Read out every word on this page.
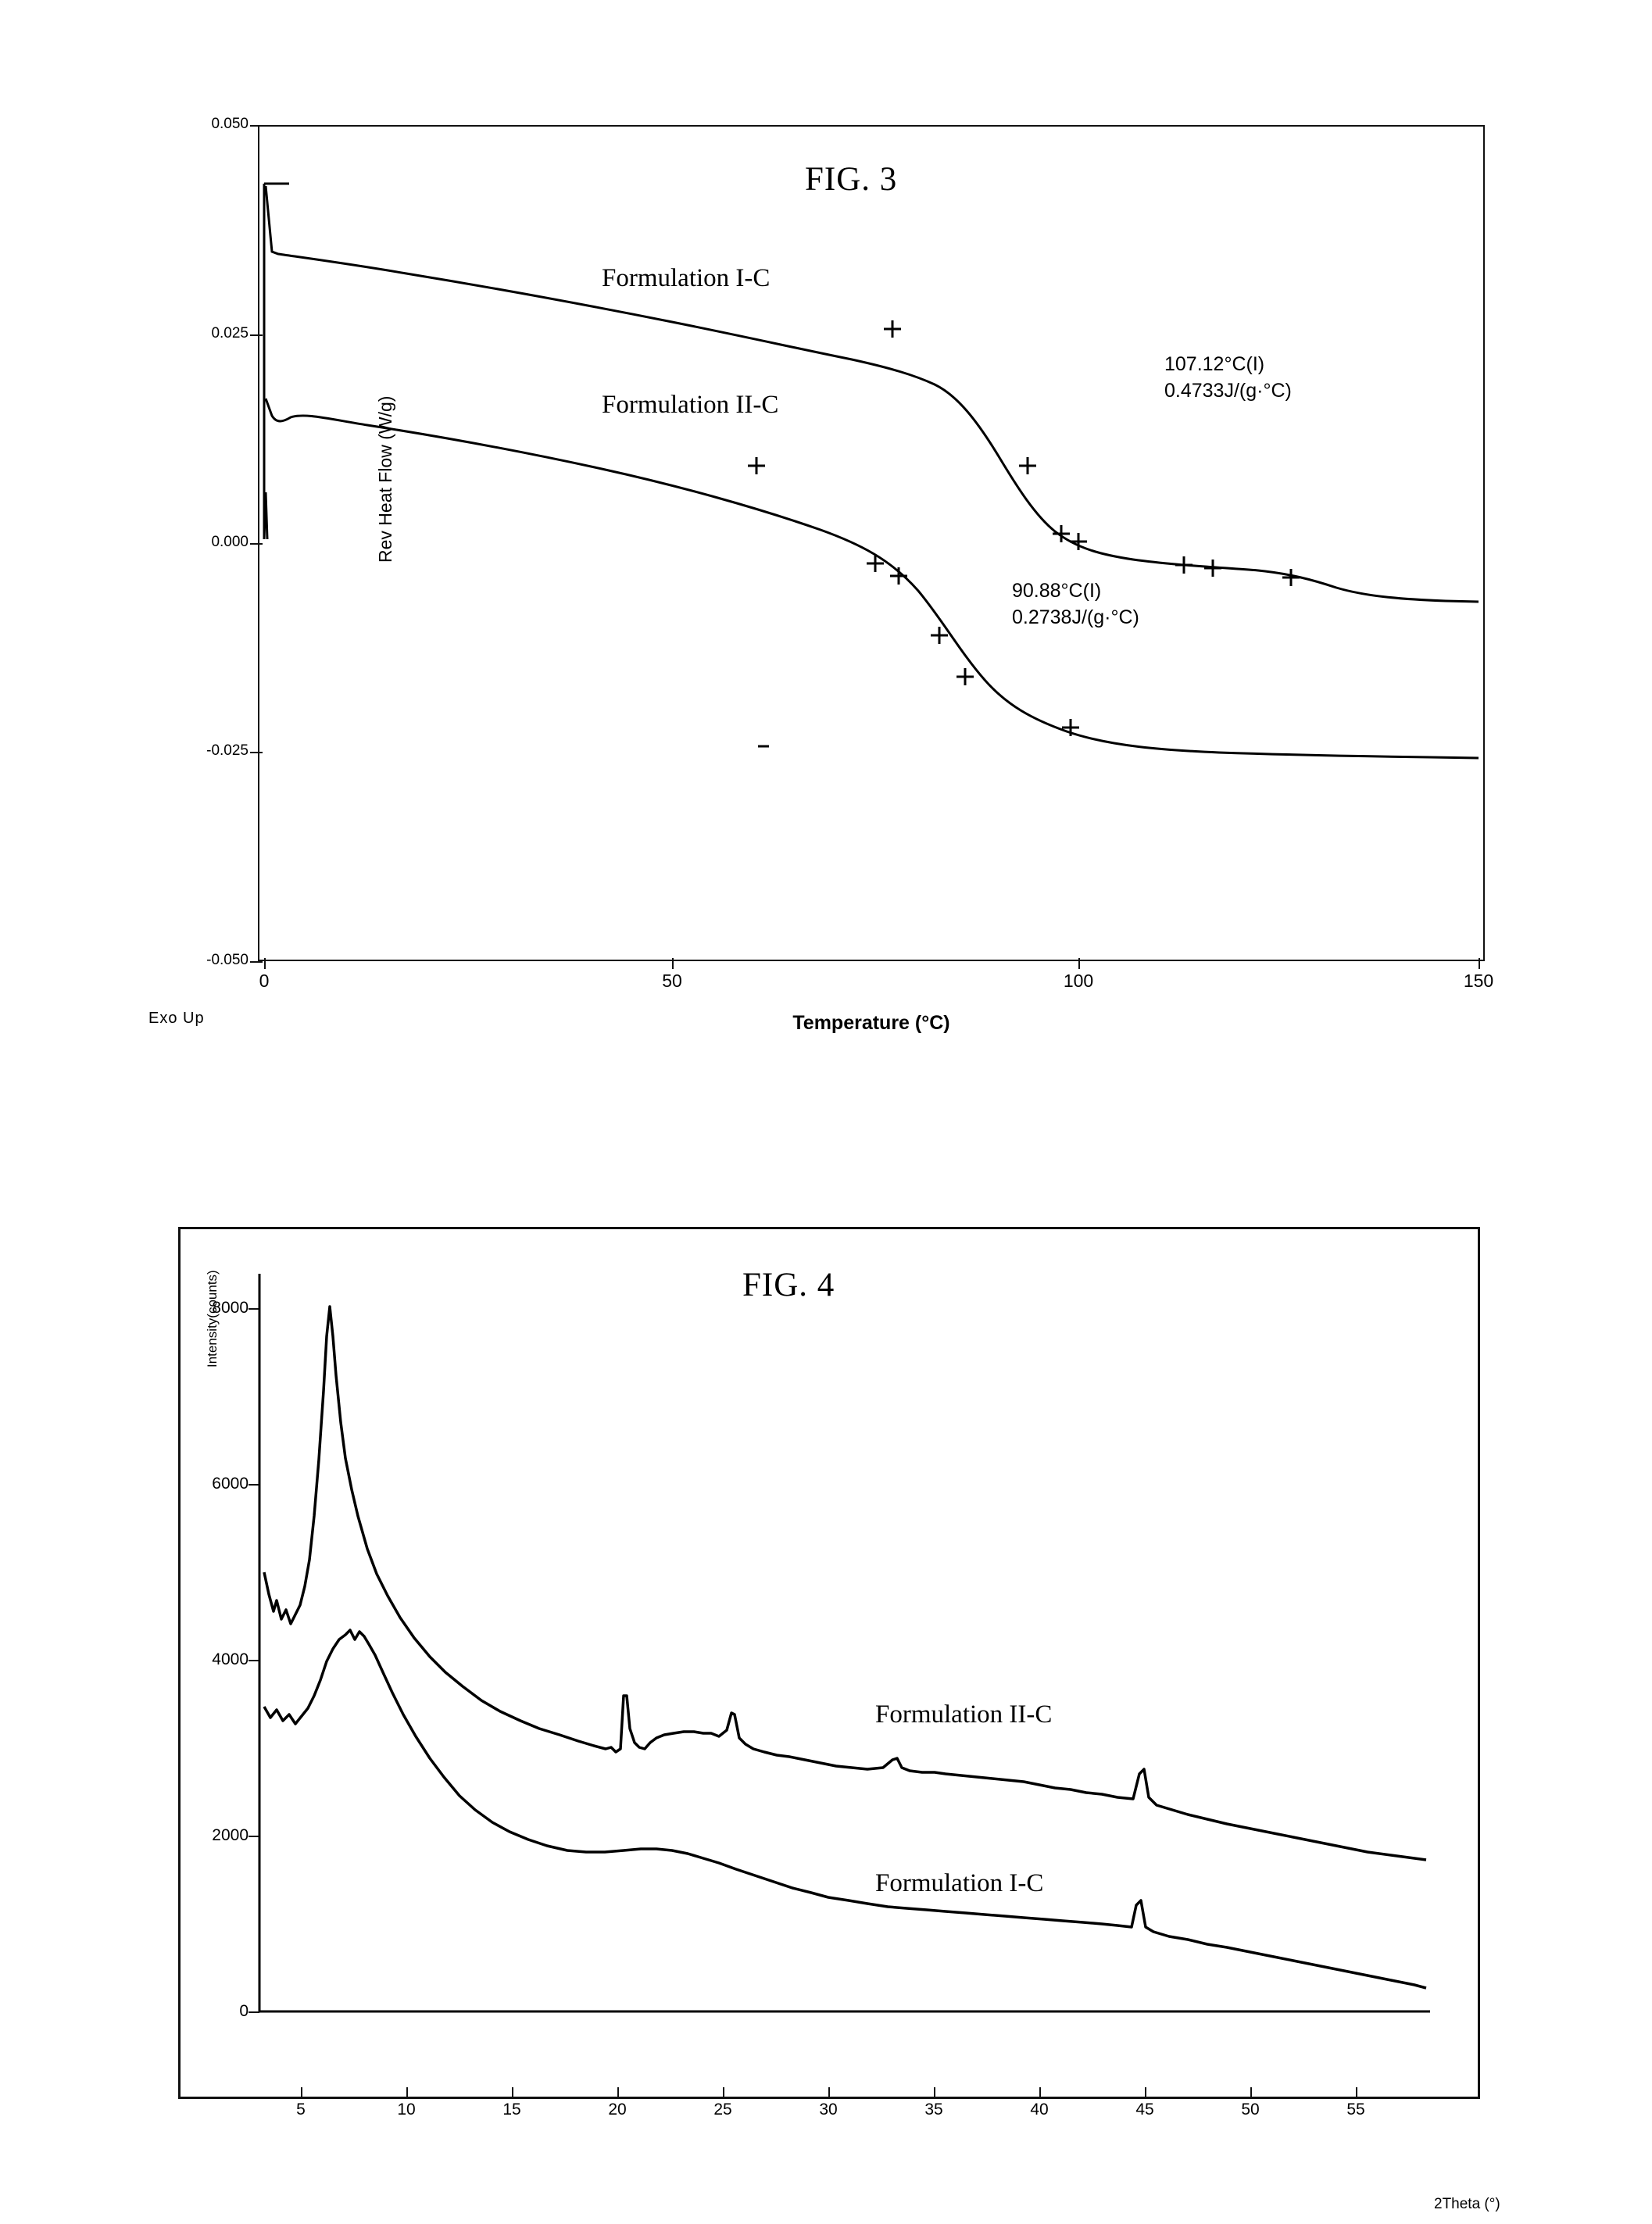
FIG. 3
0.050
0.025
0.000
-0.025
-0.050
0	50	100	150
Formulation I-C
Formulation II-C
107.12°C(I)
0.4733J/(g·°C)
90.88°C(I)
0.2738J/(g·°C)
Rev Heat Flow (W/g)
Temperature (°C)
Exo Up
FIG. 4
Intensity(counts)
2Theta (°)
8000
6000
4000
2000
0
5	10	15	20	25	30	35	40	45	50	55
Formulation II-C
Formulation I-C
